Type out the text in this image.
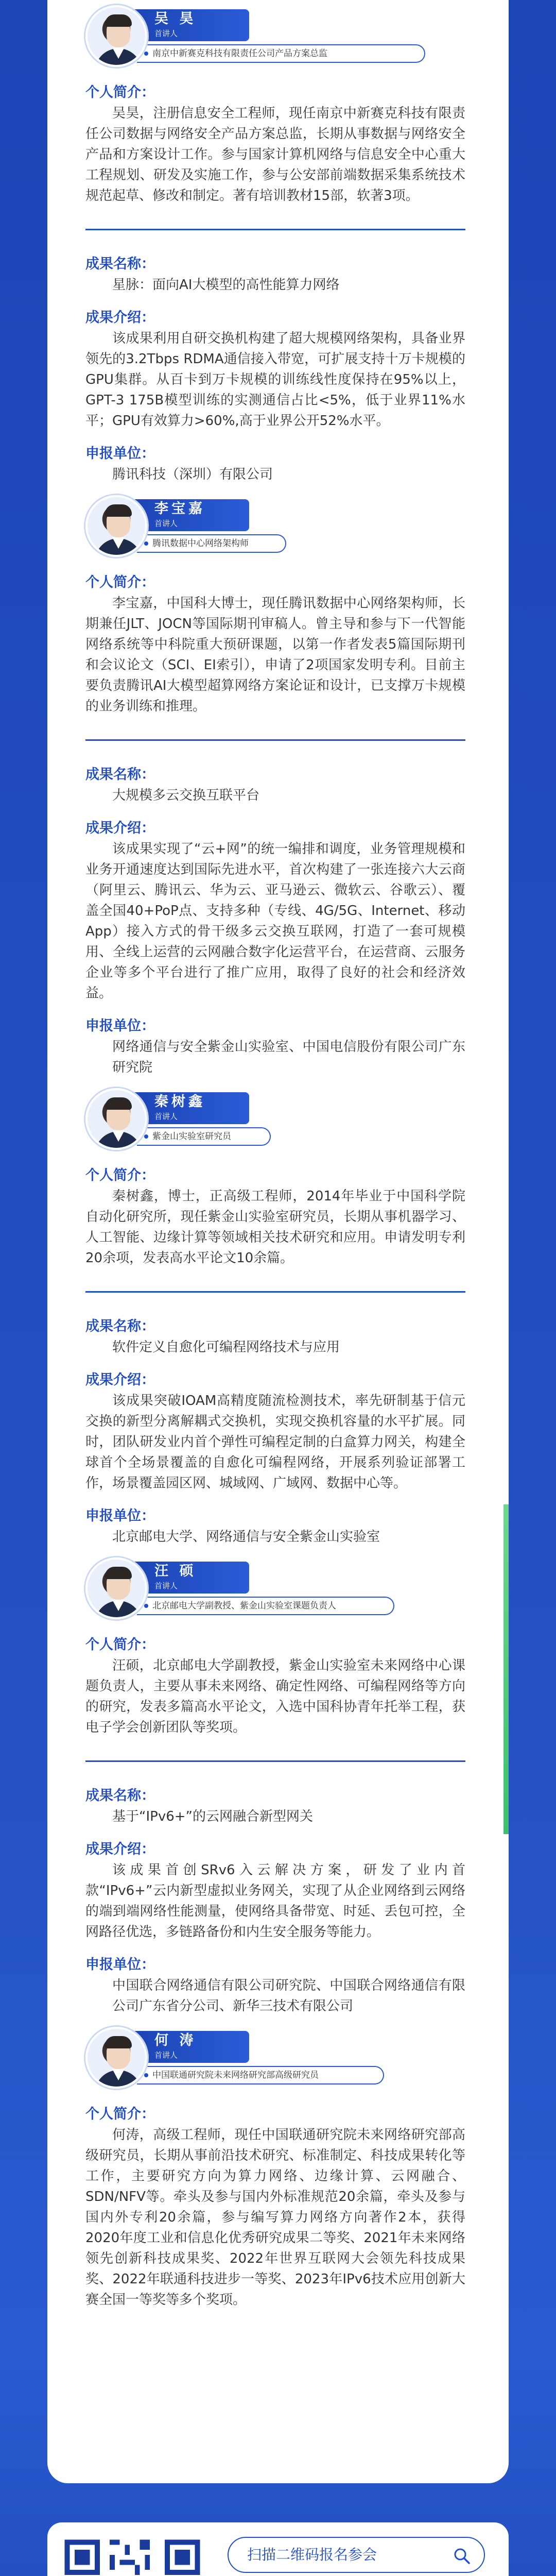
吴 昊
首讲人
南京中新赛克科技有限责任公司产品方案总监
个人简介：
吴昊，注册信息安全工程师，现任南京中新赛克科技有限责任公司数据与网络安全产品方案总监，长期从事数据与网络安全产品和方案设计工作。参与国家计算机网络与信息安全中心重大工程规划、研发及实施工作，参与公安部前端数据采集系统技术规范起草、修改和制定。著有培训教材15部，软著3项。
成果名称：
星脉：面向AI大模型的高性能算力网络
成果介绍：
该成果利用自研交换机构建了超大规模网络架构，具备业界领先的3.2Tbps RDMA通信接入带宽，可扩展支持十万卡规模的GPU集群。从百卡到万卡规模的训练线性度保持在95%以上，GPT-3 175B模型训练的实测通信占比<5%，低于业界11%水平；GPU有效算力>60%,高于业界公开52%水平。
申报单位：
腾讯科技（深圳）有限公司
李宝嘉
首讲人
腾讯数据中心网络架构师
个人简介：
李宝嘉，中国科大博士，现任腾讯数据中心网络架构师，长期兼任JLT、JOCN等国际期刊审稿人。曾主导和参与下一代智能网络系统等中科院重大预研课题，以第一作者发表5篇国际期刊和会议论文（SCI、EI索引），申请了2项国家发明专利。目前主要负责腾讯AI大模型超算网络方案论证和设计，已支撑万卡规模的业务训练和推理。
成果名称：
大规模多云交换互联平台
成果介绍：
该成果实现了“云+网”的统一编排和调度，业务管理规模和业务开通速度达到国际先进水平，首次构建了一张连接六大云商（阿里云、腾讯云、华为云、亚马逊云、微软云、谷歌云）、覆盖全国40+PoP点、支持多种（专线、4G/5G、Internet、移动App）接入方式的骨干级多云交换互联网，打造了一套可规模用、全线上运营的云网融合数字化运营平台，在运营商、云服务企业等多个平台进行了推广应用，取得了良好的社会和经济效益。
申报单位：
网络通信与安全紫金山实验室、中国电信股份有限公司广东研究院
秦树鑫
首讲人
紫金山实验室研究员
个人简介：
秦树鑫，博士，正高级工程师，2014年毕业于中国科学院自动化研究所，现任紫金山实验室研究员，长期从事机器学习、人工智能、边缘计算等领域相关技术研究和应用。申请发明专利20余项，发表高水平论文10余篇。
成果名称：
软件定义自愈化可编程网络技术与应用
成果介绍：
该成果突破IOAM高精度随流检测技术，率先研制基于信元交换的新型分离解耦式交换机，实现交换机容量的水平扩展。同时，团队研发业内首个弹性可编程定制的白盒算力网关，构建全球首个全场景覆盖的自愈化可编程网络，开展系列验证部署工作，场景覆盖园区网、城域网、广域网、数据中心等。
申报单位：
北京邮电大学、网络通信与安全紫金山实验室
汪 硕
首讲人
北京邮电大学副教授、紫金山实验室课题负责人
个人简介：
汪硕，北京邮电大学副教授，紫金山实验室未来网络中心课题负责人，主要从事未来网络、确定性网络、可编程网络等方向的研究，发表多篇高水平论文，入选中国科协青年托举工程，获电子学会创新团队等奖项。
成果名称：
基于“IPv6+”的云网融合新型网关
成果介绍：
该成果首创SRv6入云解决方案，研发了业内首款“IPv6+”云内新型虚拟业务网关，实现了从企业网络到云网络的端到端网络性能测量，使网络具备带宽、时延、丢包可控，全网路径优选，多链路备份和内生安全服务等能力。
申报单位：
中国联合网络通信有限公司研究院、中国联合网络通信有限公司广东省分公司、新华三技术有限公司
何 涛
首讲人
中国联通研究院未来网络研究部高级研究员
个人简介：
何涛，高级工程师，现任中国联通研究院未来网络研究部高级研究员，长期从事前沿技术研究、标准制定、科技成果转化等工作，主要研究方向为算力网络、边缘计算、云网融合、SDN/NFV等。牵头及参与国内外标准规范20余篇，牵头及参与国内外专利20余篇，参与编写算力网络方向著作2本，获得2020年度工业和信息化优秀研究成果二等奖、2021年未来网络领先创新科技成果奖、2022年世界互联网大会领先科技成果奖、2022年联通科技进步一等奖、2023年IPv6技术应用创新大赛全国一等奖等多个奖项。
扫描二维码报名参会
